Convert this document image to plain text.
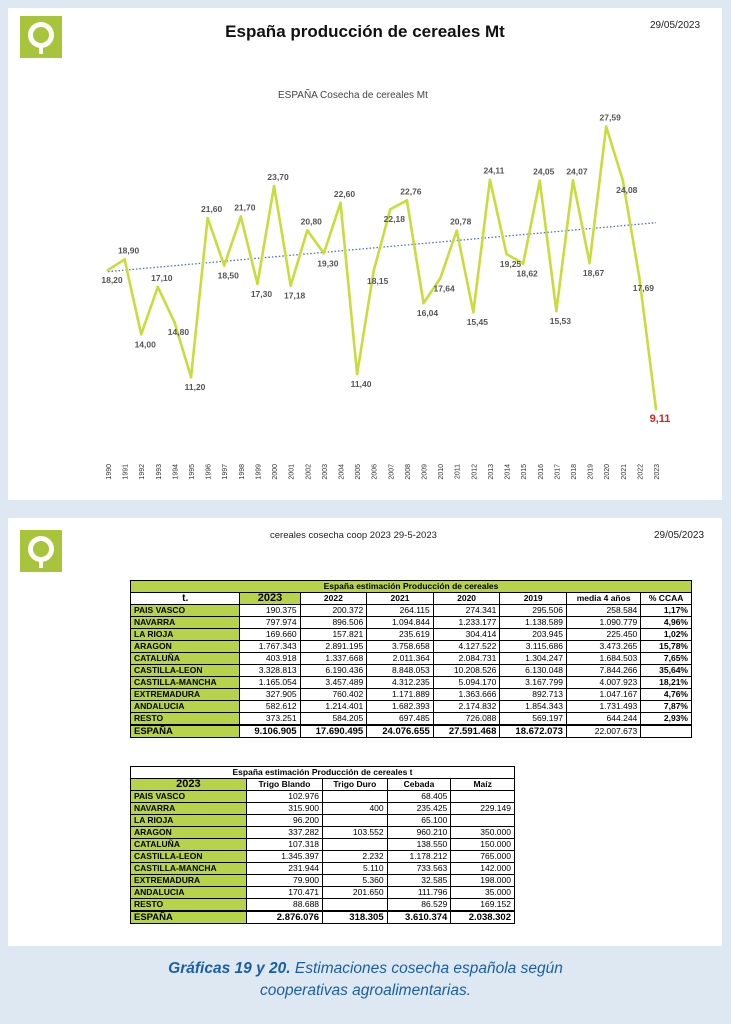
España producción de cereales Mt	29/05/2023
ESPAÑA Cosecha de cereales Mt
18,20
18,90
14,00
17,10
14,80
11,20
21,60
18,50
21,70
17,30
23,70
17,18
20,80
19,30
22,60
11,40
18,15
22,18
22,76
16,04
17,64
20,78
15,45
24,11
19,25
18,62
24,05
15,53
24,07
18,67
27,59
24,08
17,69
9,11
1990 1991 1992 1993 1994 1995 1996 1997 1998 1999 2000 2001 2002 2003 2004 2005 2006 2007 2008 2009 2010 2011 2012 2013 2014 2015 2016 2017 2018 2019 2020 2021 2022 2023
cereales cosecha coop 2023 29-5-2023	29/05/2023
España estimación Producción de cereales							
t.	2023	2022	2021	2020	2019	media 4 años	% CCAA
PAIS VASCO	190.375	200.372	264.115	274.341	295.506	258.584	1,17%
NAVARRA	797.974	896.506	1.094.844	1.233.177	1.138.589	1.090.779	4,96%
LA RIOJA	169.660	157.821	235.619	304.414	203.945	225.450	1,02%
ARAGON	1.767.343	2.891.195	3.758.658	4.127.522	3.115.686	3.473.265	15,78%
CATALUÑA	403.918	1.337.668	2.011.364	2.084.731	1.304.247	1.684.503	7,65%
CASTILLA-LEON	3.328.813	6.190.436	8.848.053	10.208.526	6.130.048	7.844.266	35,64%
CASTILLA-MANCHA	1.165.054	3.457.489	4.312.235	5.094.170	3.167.799	4.007.923	18,21%
EXTREMADURA	327.905	760.402	1.171.889	1.363.666	892.713	1.047.167	4,76%
ANDALUCIA	582.612	1.214.401	1.682.393	2.174.832	1.854.343	1.731.493	7,87%
RESTO	373.251	584.205	697.485	726.088	569.197	644.244	2,93%
ESPAÑA	9.106.905	17.690.495	24.076.655	27.591.468	18.672.073	22.007.673	
España estimación Producción de cereales t				
2023	Trigo Blando	Trigo Duro	Cebada	Maíz
PAIS VASCO	102.976		68.405	
NAVARRA	315.900	400	235.425	229.149
LA RIOJA	96.200		65.100	
ARAGON	337.282	103.552	960.210	350.000
CATALUÑA	107.318		138.550	150.000
CASTILLA-LEON	1.345.397	2.232	1.178.212	765.000
CASTILLA-MANCHA	231.944	5.110	733.563	142.000
EXTREMADURA	79.900	5.360	32.585	198.000
ANDALUCIA	170.471	201.650	111.796	35.000
RESTO	88.688		86.529	169.152
ESPAÑA	2.876.076	318.305	3.610.374	2.038.302
Gráficas 19 y 20. Estimaciones cosecha española según
cooperativas agroalimentarias.
